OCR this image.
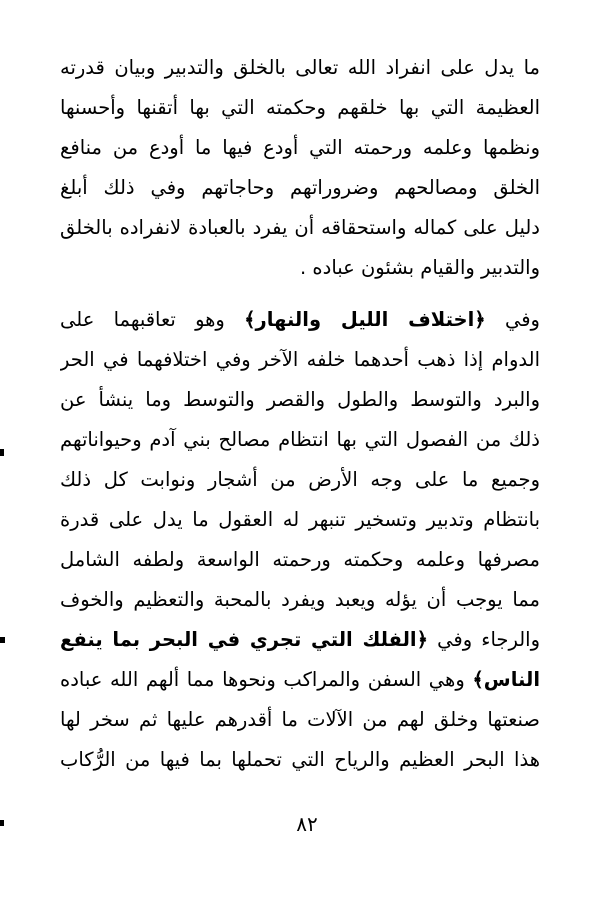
ما يدل على انفراد الله تعالى بالخلق والتدبير وبيان قدرته
العظيمة التي بها خلقهم وحكمته التي بها أتقنها وأحسنها
ونظمها وعلمه ورحمته التي أودع فيها ما أودع من منافع
الخلق ومصالحهم وضروراتهم وحاجاتهم وفي ذلك أبلغ
دليل على كماله واستحقاقه أن يفرد بالعبادة لانفراده بالخلق
والتدبير والقيام بشئون عباده .
وفي ﴿اختلاف الليل والنهار﴾ وهو تعاقبهما على
الدوام إذا ذهب أحدهما خلفه الآخر وفي اختلافهما في الحر
والبرد والتوسط والطول والقصر والتوسط وما ينشأ عن
ذلك من الفصول التي بها انتظام مصالح بني آدم وحيواناتهم
وجميع ما على وجه الأرض من أشجار ونوابت كل ذلك
بانتظام وتدبير وتسخير تنبهر له العقول ما يدل على قدرة
مصرفها وعلمه وحكمته ورحمته الواسعة ولطفه الشامل
مما يوجب أن يؤله ويعبد ويفرد بالمحبة والتعظيم والخوف
والرجاء وفي ﴿الفلك التي تجري في البحر بما ينفع
الناس﴾ وهي السفن والمراكب ونحوها مما ألهم الله عباده
صنعتها وخلق لهم من الآلات ما أقدرهم عليها ثم سخر لها
هذا البحر العظيم والرياح التي تحملها بما فيها من الرُّكاب
٨٢
